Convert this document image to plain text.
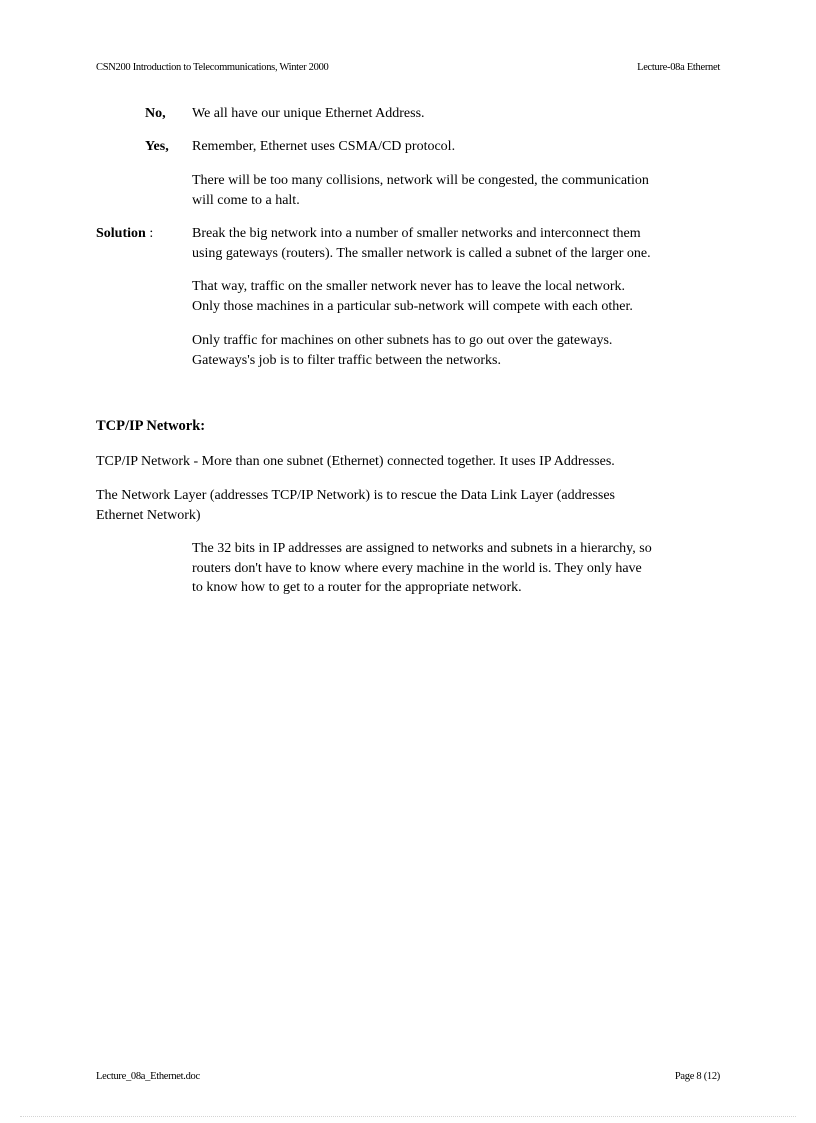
CSN200 Introduction to Telecommunications, Winter 2000	Lecture-08a Ethernet
No, We all have our unique Ethernet Address.
Yes, Remember, Ethernet uses CSMA/CD protocol.
There will be too many collisions, network will be congested, the communication
will come to a halt.
Solution :	Break the big network into a number of smaller networks and interconnect them
using gateways (routers). The smaller network is called a subnet of the larger one.
That way, traffic on the smaller network never has to leave the local network.
Only those machines in a particular sub-network will compete with each other.
Only traffic for machines on other subnets has to go out over the gateways.
Gateways's job is to filter traffic between the networks.
TCP/IP Network:
TCP/IP Network - More than one subnet (Ethernet) connected together. It uses IP Addresses.
The Network Layer (addresses TCP/IP Network) is to rescue the Data Link Layer (addresses
Ethernet Network)
The 32 bits in IP addresses are assigned to networks and subnets in a hierarchy, so
routers don't have to know where every machine in the world is. They only have
to know how to get to a router for the appropriate network.
Lecture_08a_Ethernet.doc	Page 8 (12)
